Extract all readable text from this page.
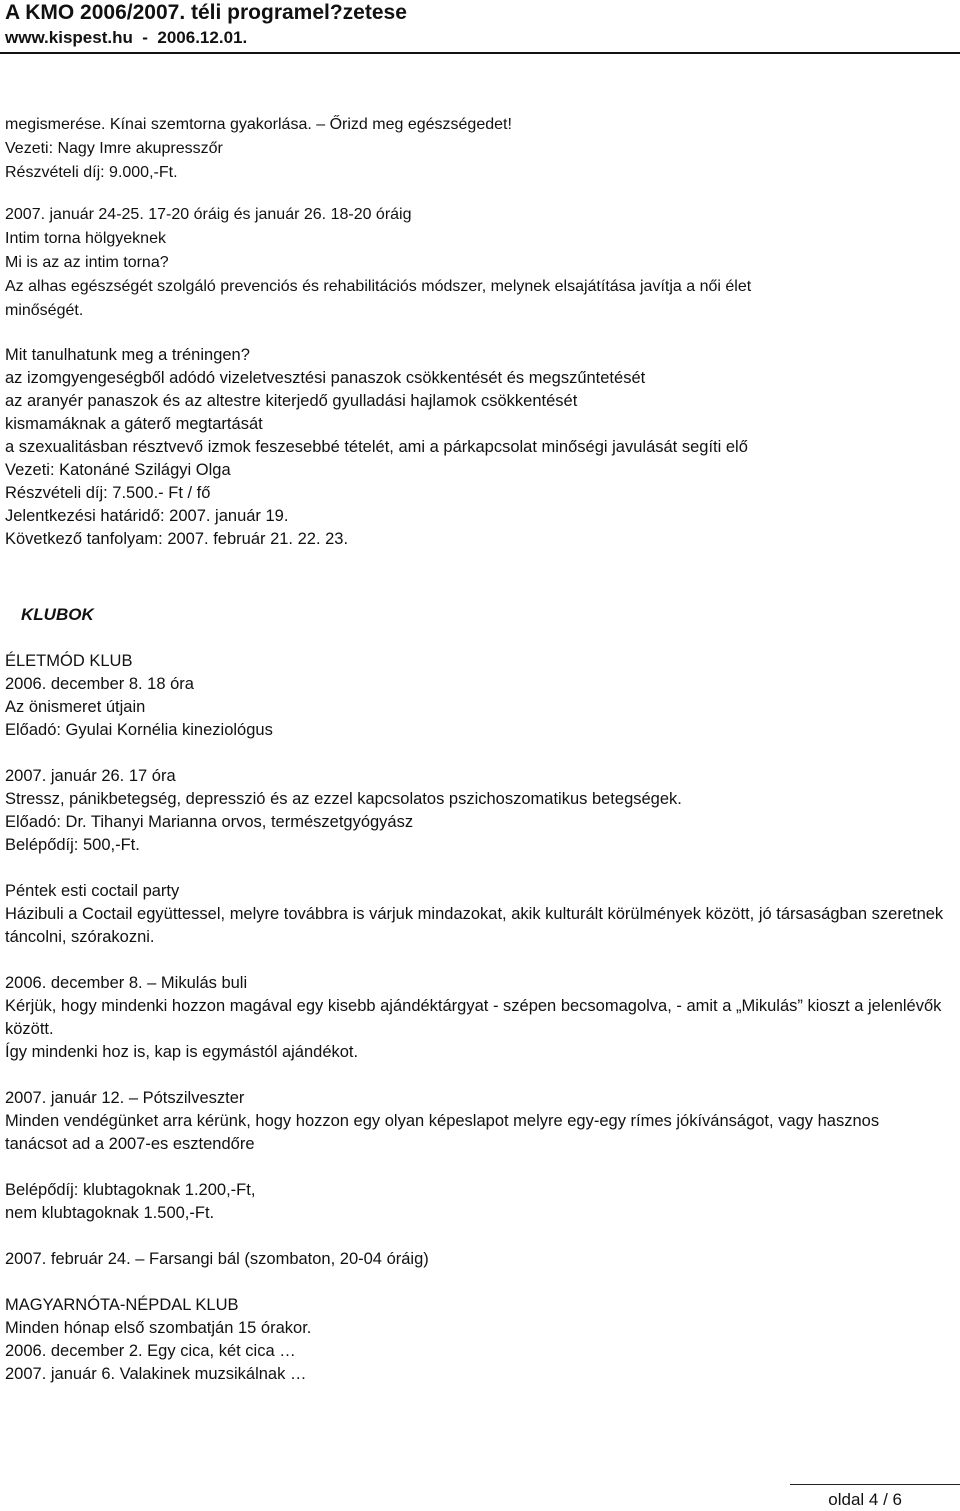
A KMO 2006/2007. téli programel?zetese
www.kispest.hu  -  2006.12.01.
megismerése. Kínai szemtorna gyakorlása. – Őrizd meg egészségedet!
Vezeti: Nagy Imre akupresszőr
Részvételi díj: 9.000,-Ft.
2007. január 24-25. 17-20 óráig és január 26. 18-20 óráig
Intim torna hölgyeknek
Mi is az az intim torna?
Az alhas egészségét szolgáló prevenciós és rehabilitációs módszer, melynek elsajátítása javítja a női élet
minőségét.
Mit tanulhatunk meg a tréningen?
az izomgyengeségből adódó vizeletvesztési panaszok csökkentését és megszűntetését
az aranyér panaszok és az altestre kiterjedő gyulladási hajlamok csökkentését
kismamáknak a gáterő megtartását
a szexualitásban résztvevő izmok feszesebbé tételét, ami a párkapcsolat minőségi javulását segíti elő
Vezeti: Katonáné Szilágyi Olga
Részvételi díj: 7.500.- Ft / fő
Jelentkezési határidő: 2007. január 19.
Következő tanfolyam: 2007. február 21. 22. 23.
KLUBOK
ÉLETMÓD KLUB
2006. december 8. 18 óra
Az önismeret útjain
Előadó: Gyulai Kornélia kineziológus
2007. január 26. 17 óra
Stressz, pánikbetegség, depresszió és az ezzel kapcsolatos pszichoszomatikus betegségek.
Előadó: Dr. Tihanyi Marianna orvos, természetgyógyász
Belépődíj: 500,-Ft.
Péntek esti coctail party
Házibuli a Coctail együttessel, melyre továbbra is várjuk mindazokat, akik kulturált körülmények között, jó társaságban szeretnek táncolni, szórakozni.
2006. december 8. – Mikulás buli
Kérjük, hogy mindenki hozzon magával egy kisebb ajándéktárgyat - szépen becsomagolva, - amit a „Mikulás” kioszt a jelenlévők között.
Így mindenki hoz is, kap is egymástól ajándékot.
2007. január 12. – Pótszilveszter
Minden vendégünket arra kérünk, hogy hozzon egy olyan képeslapot melyre egy-egy rímes jókívánságot, vagy hasznos tanácsot ad a 2007-es esztendőre
Belépődíj: klubtagoknak 1.200,-Ft,
nem klubtagoknak 1.500,-Ft.
2007. február 24. – Farsangi bál (szombaton, 20-04 óráig)
MAGYARNÓTA-NÉPDAL KLUB
Minden hónap első szombatján 15 órakor.
2006. december 2. Egy cica, két cica …
2007. január 6. Valakinek muzsikálnak …
oldal 4 / 6
